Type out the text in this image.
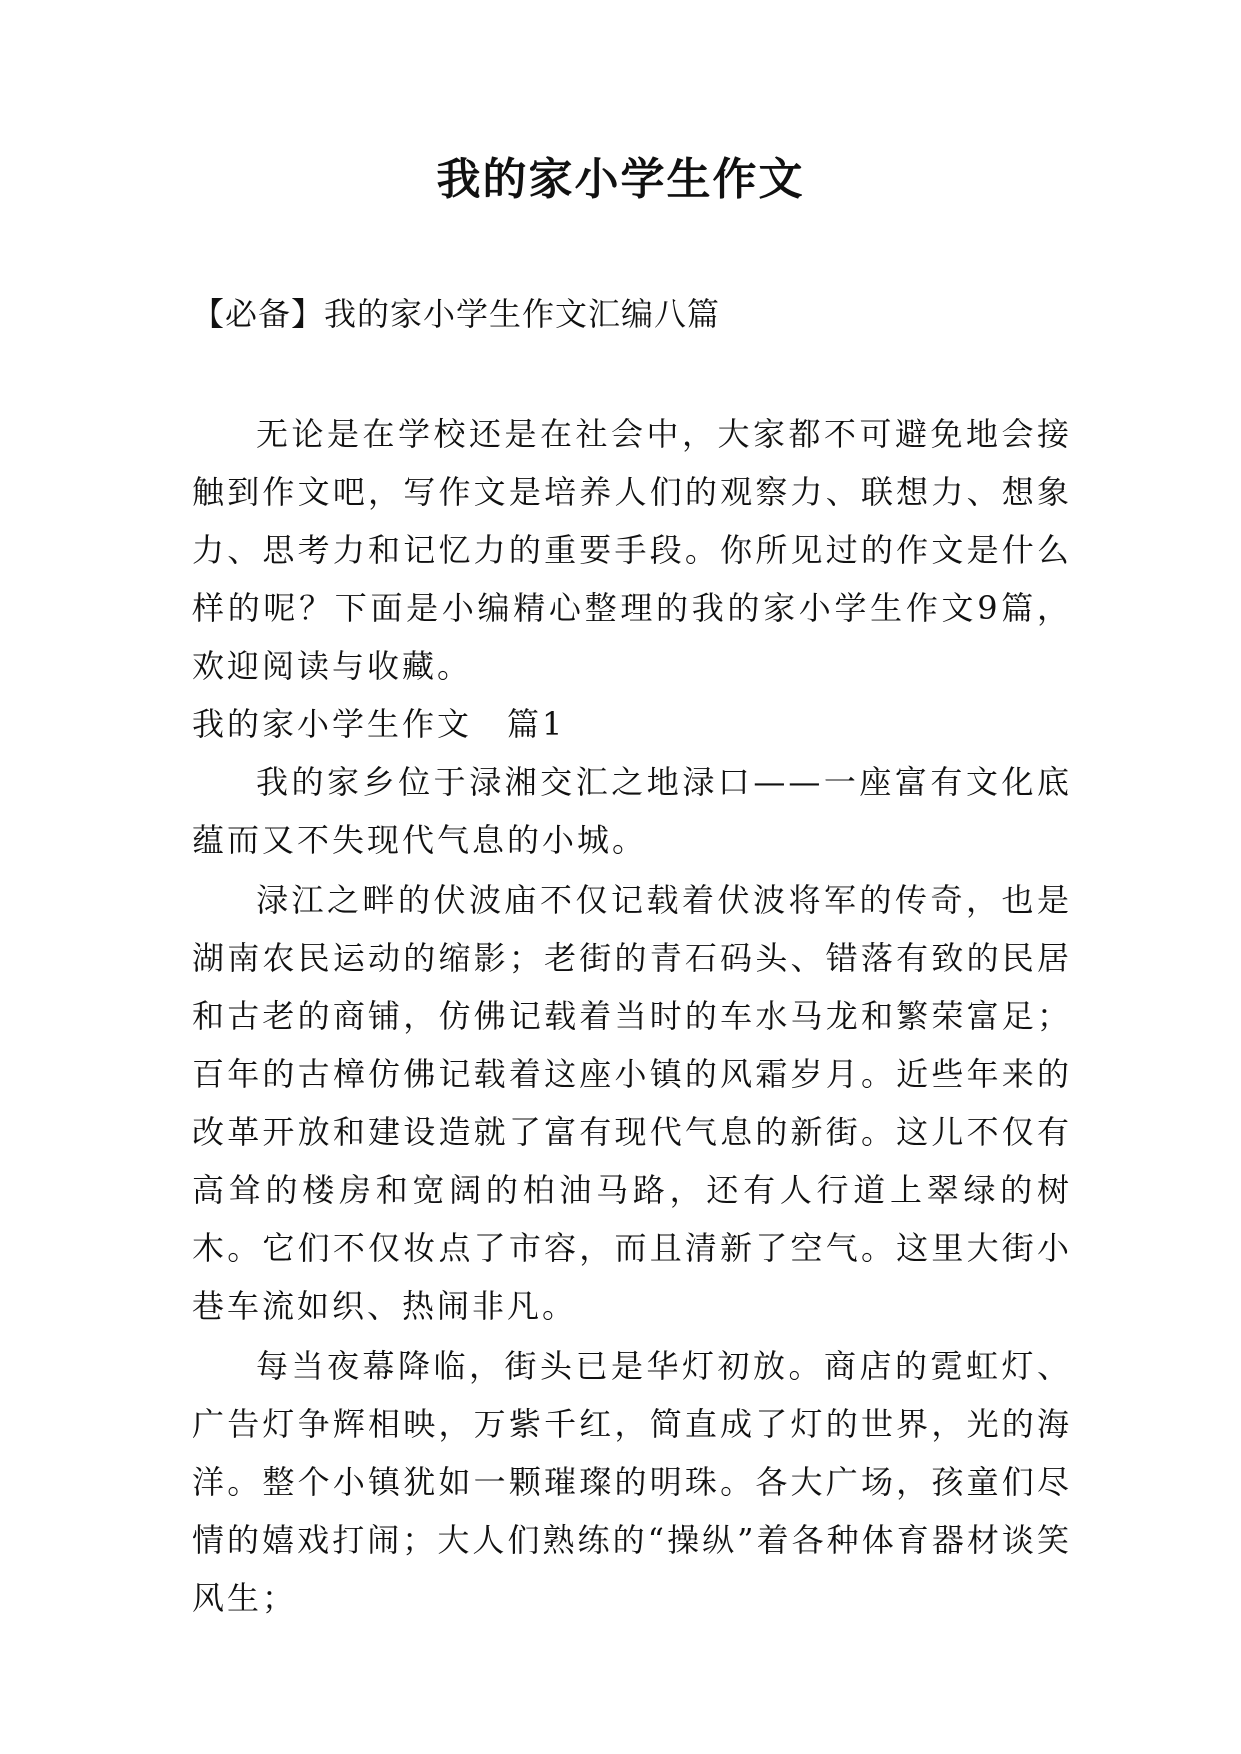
我的家小学生作文
【必备】我的家小学生作文汇编八篇

无论是在学校还是在社会中，大家都不可避免地会接触到作文吧，写作文是培养人们的观察力、联想力、想象力、思考力和记忆力的重要手段。你所见过的作文是什么样的呢？下面是小编精心整理的我的家小学生作文9篇，欢迎阅读与收藏。

我的家小学生作文　篇1

我的家乡位于渌湘交汇之地渌口——一座富有文化底蕴而又不失现代气息的小城。

渌江之畔的伏波庙不仅记载着伏波将军的传奇，也是湖南农民运动的缩影；老街的青石码头、错落有致的民居和古老的商铺，仿佛记载着当时的车水马龙和繁荣富足；百年的古樟仿佛记载着这座小镇的风霜岁月。近些年来的改革开放和建设造就了富有现代气息的新街。这儿不仅有高耸的楼房和宽阔的柏油马路，还有人行道上翠绿的树木。它们不仅妆点了市容，而且清新了空气。这里大街小巷车流如织、热闹非凡。

每当夜幕降临，街头已是华灯初放。商店的霓虹灯、广告灯争辉相映，万紫千红，简直成了灯的世界，光的海洋。整个小镇犹如一颗璀璨的明珠。各大广场，孩童们尽情的嬉戏打闹；大人们熟练的“操纵”着各种体育器材谈笑风生；
